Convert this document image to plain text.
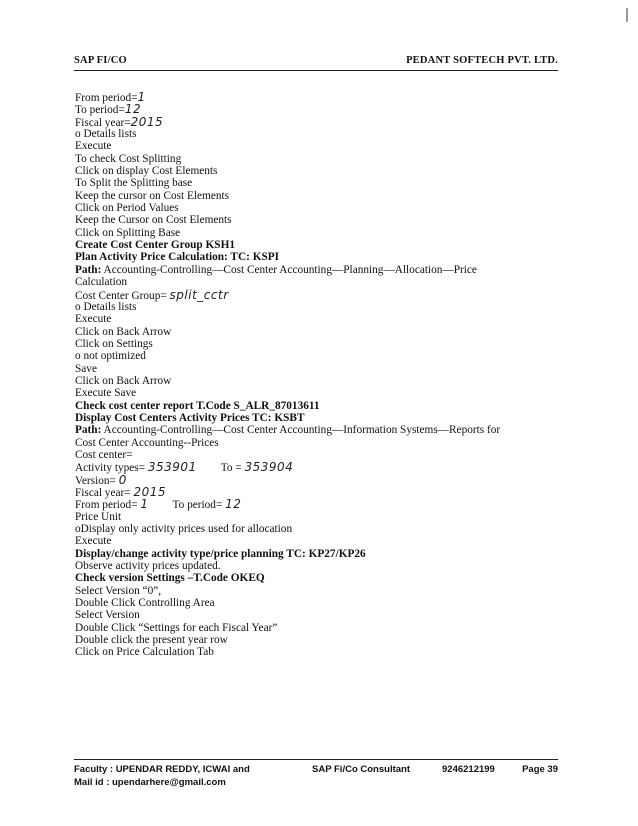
SAP FI/CO	PEDANT SOFTECH PVT. LTD.
From period=1
To period=12
Fiscal year=2015
o Details lists
Execute
To check Cost Splitting
Click on display Cost Elements
To Split the Splitting base
Keep the cursor on Cost Elements
Click on Period Values
Keep the Cursor on Cost Elements
Click on Splitting Base
Create Cost Center Group KSH1
Plan Activity Price Calculation: TC: KSPI
Path: Accounting-Controlling—Cost Center Accounting—Planning—Allocation—Price
Calculation
Cost Center Group= split_cctr
o Details lists
Execute
Click on Back Arrow
Click on Settings
o not optimized
Save
Click on Back Arrow
Execute Save
Check cost center report T.Code S_ALR_87013611
Display Cost Centers Activity Prices TC: KSBT
Path: Accounting-Controlling—Cost Center Accounting—Information Systems—Reports for
Cost Center Accounting--Prices
Cost center=
Activity types= 353901 To = 353904
Version= 0
Fiscal year= 2015
From period= 1 To period= 12
Price Unit
oDisplay only activity prices used for allocation
Execute
Display/change activity type/price planning TC: KP27/KP26
Observe activity prices updated.
Check version Settings –T.Code OKEQ
Select Version “0”,
Double Click Controlling Area
Select Version
Double Click “Settings for each Fiscal Year”
Double click the present year row
Click on Price Calculation Tab
Faculty : UPENDAR REDDY, ICWAI and	SAP Fi/Co Consultant	9246212199	Page 39
Mail id : upendarhere@gmail.com
